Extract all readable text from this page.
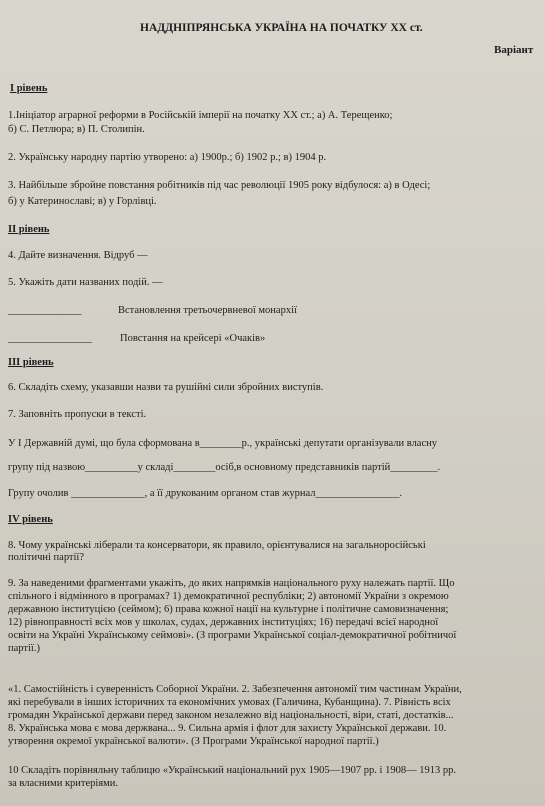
НАДДНІПРЯНСЬКА УКРАЇНА НА ПОЧАТКУ ХХ ст.
Варіант
І рівень
1.Ініціатор аграрної реформи в Російській імперії на початку ХХ ст.; а) А. Терещенко;
б) С. Петлюра; в) П. Столипін.
2. Українську народну партію утворено: а) 1900р.; б) 1902 р.; в) 1904 р.
3. Найбільше збройне повстання робітників під час революції 1905 року відбулося: а) в Одесі;
б) у Катеринославі; в) у Горлівці.
ІІ рівень
4. Дайте визначення. Відруб —
5. Укажіть дати названих подій. —
______________	Встановлення третьочервневої монархії
________________	Повстання на крейсері «Очаків»
ІІІ рівень
6. Складіть схему, указавши назви та рушійні сили збройних виступів.
7. Заповніть пропуски в тексті.
У І Державній думі, що була сформована в________р., українські депутати організували власну
групу під назвою__________у складі________осіб,в основному представників партій_________.
Групу очолив ______________, а її друкованим органом став журнал________________.
IV рівень
8. Чому українські ліберали та консерватори, як правило, орієнтувалися на загальноросійські
політичні партії?
9. За наведеними фрагментами укажіть, до яких напрямків національного руху належать партії. Що
спільного і відмінного в програмах? 1) демократичної республіки; 2) автономії України з окремою
державною інституцією (сеймом); 6) права кожної нації на культурне і політичне самовизначення;
12) рівноправності всіх мов у школах, судах, державних інституціях; 16) передачі всієї народної
освіти на Україні Українському сеймові». (З програми Української соціал-демократичної робітничої
партії.)
«1. Самостійність і суверенність Соборної України. 2. Забезпечення автономії тим частинам України,
які перебували в інших історичних та економічних умовах (Галичина, Кубанщина). 7. Рівність всіх
громадян Української держави перед законом незалежно від національності, віри, статі, достатків...
8. Українська мова є мова держвана... 9. Сильна армія і флот для захисту Української держави. 10.
утворення окремої української валюти». (З Програми Української народної партії.)
10 Складіть порівняльну таблицю «Український національний рух 1905—1907 рр. і 1908— 1913 рр.
за власними критеріями.
